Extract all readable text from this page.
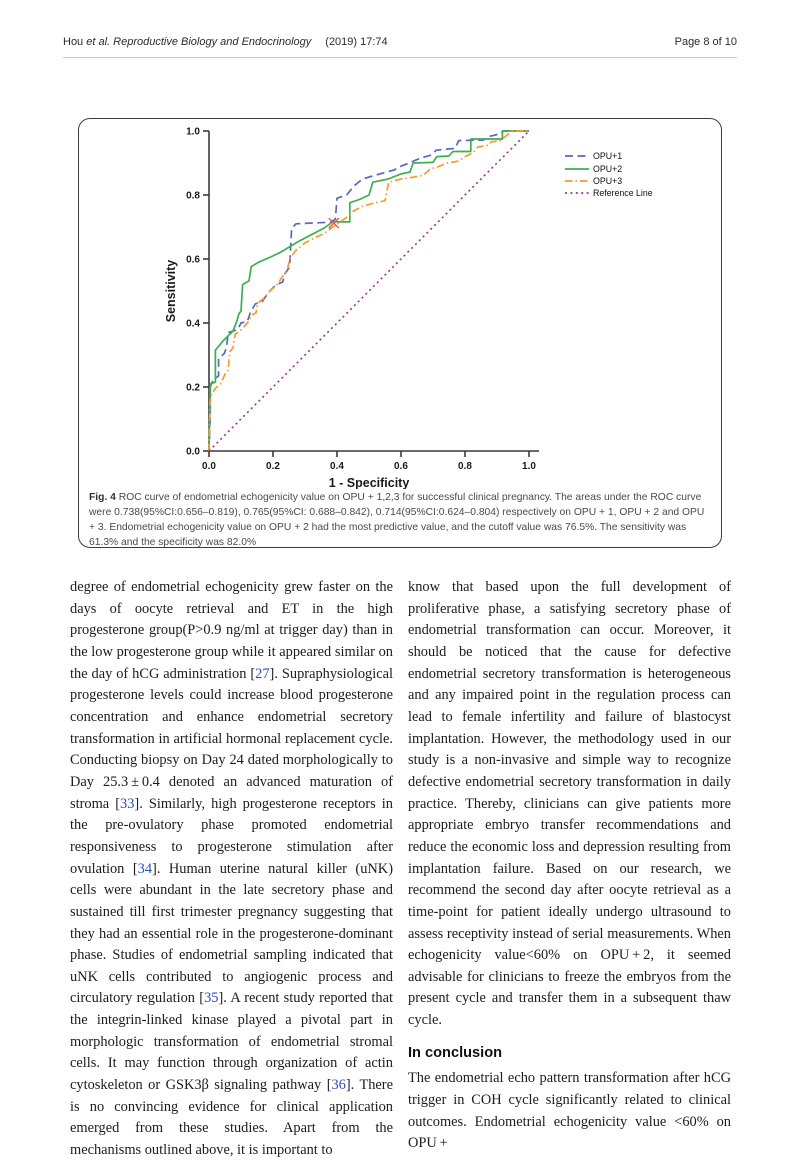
Hou et al. Reproductive Biology and Endocrinology (2019) 17:74	Page 8 of 10
0.0	0.2	0.4	0.6	0.8	1.0
0.0
0.2
0.4
0.6
0.8
1.0
Sensitivity
1 - Specificity
OPU+1
OPU+2
OPU+3
Reference Line

Fig. 4 ROC curve of endometrial echogenicity value on OPU + 1,2,3 for successful clinical pregnancy. The areas under the ROC curve were 0.738(95%CI:0.656–0.819), 0.765(95%CI: 0.688–0.842), 0.714(95%CI:0.624–0.804) respectively on OPU + 1, OPU + 2 and OPU + 3. Endometrial echogenicity value on OPU + 2 had the most predictive value, and the cutoff value was 76.5%. The sensitivity was 61.3% and the specificity was 82.0%

degree of endometrial echogenicity grew faster on the days of oocyte retrieval and ET in the high progesterone group(P>0.9 ng/ml at trigger day) than in the low progesterone group while it appeared similar on the day of hCG administration [27]. Supraphysiological progesterone levels could increase blood progesterone concentration and enhance endometrial secretory transformation in artificial hormonal replacement cycle. Conducting biopsy on Day 24 dated morphologically to Day 25.3 ± 0.4 denoted an advanced maturation of stroma [33]. Similarly, high progesterone receptors in the pre-ovulatory phase promoted endometrial responsiveness to progesterone stimulation after ovulation [34]. Human uterine natural killer (uNK) cells were abundant in the late secretory phase and sustained till first trimester pregnancy suggesting that they had an essential role in the progesterone-dominant phase. Studies of endometrial sampling indicated that uNK cells contributed to angiogenic process and circulatory regulation [35]. A recent study reported that the integrin-linked kinase played a pivotal part in morphologic transformation of endometrial stromal cells. It may function through organization of actin cytoskeleton or GSK3β signaling pathway [36]. There is no convincing evidence for clinical application emerged from these studies. Apart from the mechanisms outlined above, it is important to

know that based upon the full development of proliferative phase, a satisfying secretory phase of endometrial transformation can occur. Moreover, it should be noticed that the cause for defective endometrial secretory transformation is heterogeneous and any impaired point in the regulation process can lead to female infertility and failure of blastocyst implantation. However, the methodology used in our study is a non-invasive and simple way to recognize defective endometrial secretory transformation in daily practice. Thereby, clinicians can give patients more appropriate embryo transfer recommendations and reduce the economic loss and depression resulting from implantation failure. Based on our research, we recommend the second day after oocyte retrieval as a time-point for patient ideally undergo ultrasound to assess receptivity instead of serial measurements. When echogenicity value<60% on OPU + 2, it seemed advisable for clinicians to freeze the embryos from the present cycle and transfer them in a subsequent thaw cycle.

In conclusion

The endometrial echo pattern transformation after hCG trigger in COH cycle significantly related to clinical outcomes. Endometrial echogenicity value <60% on OPU +
